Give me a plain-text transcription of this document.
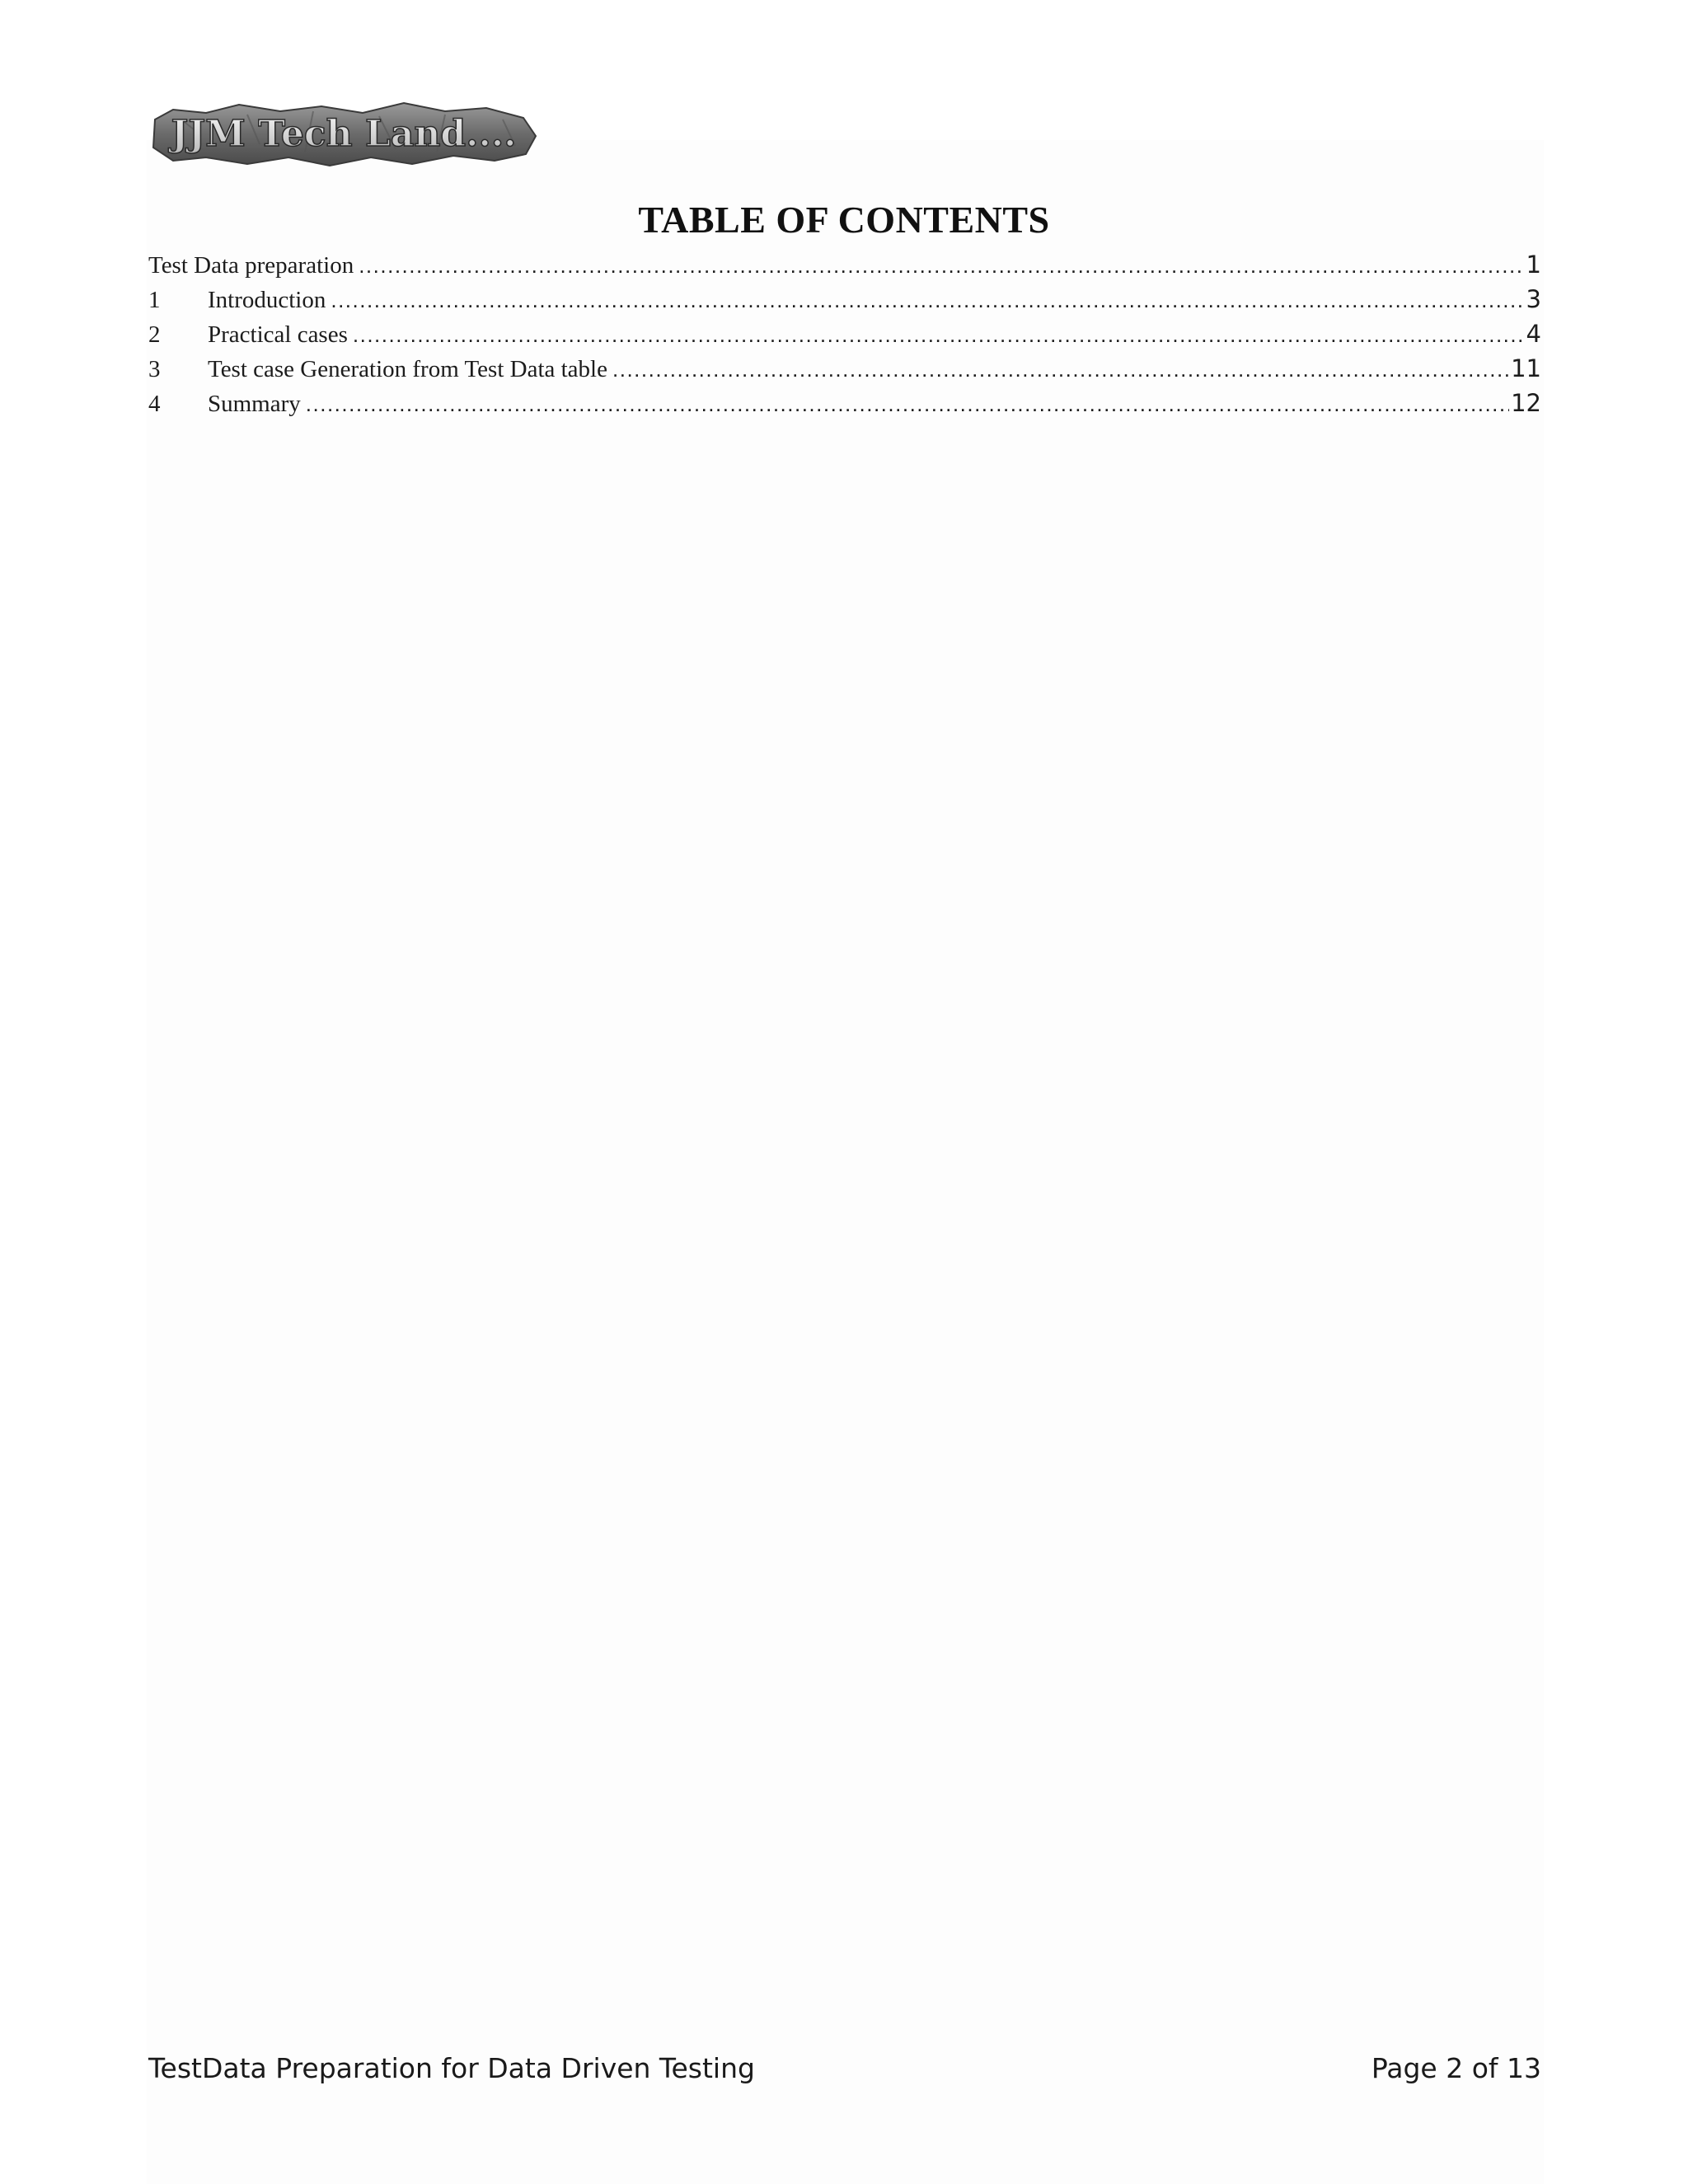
JJM Tech Land....
TABLE OF CONTENTS
Test Data preparation .....	1
1	Introduction .....	3
2	Practical cases .....	4
3	Test case Generation from Test Data table .....	11
4	Summary .....	12
TestData Preparation for Data Driven Testing	Page 2 of 13
